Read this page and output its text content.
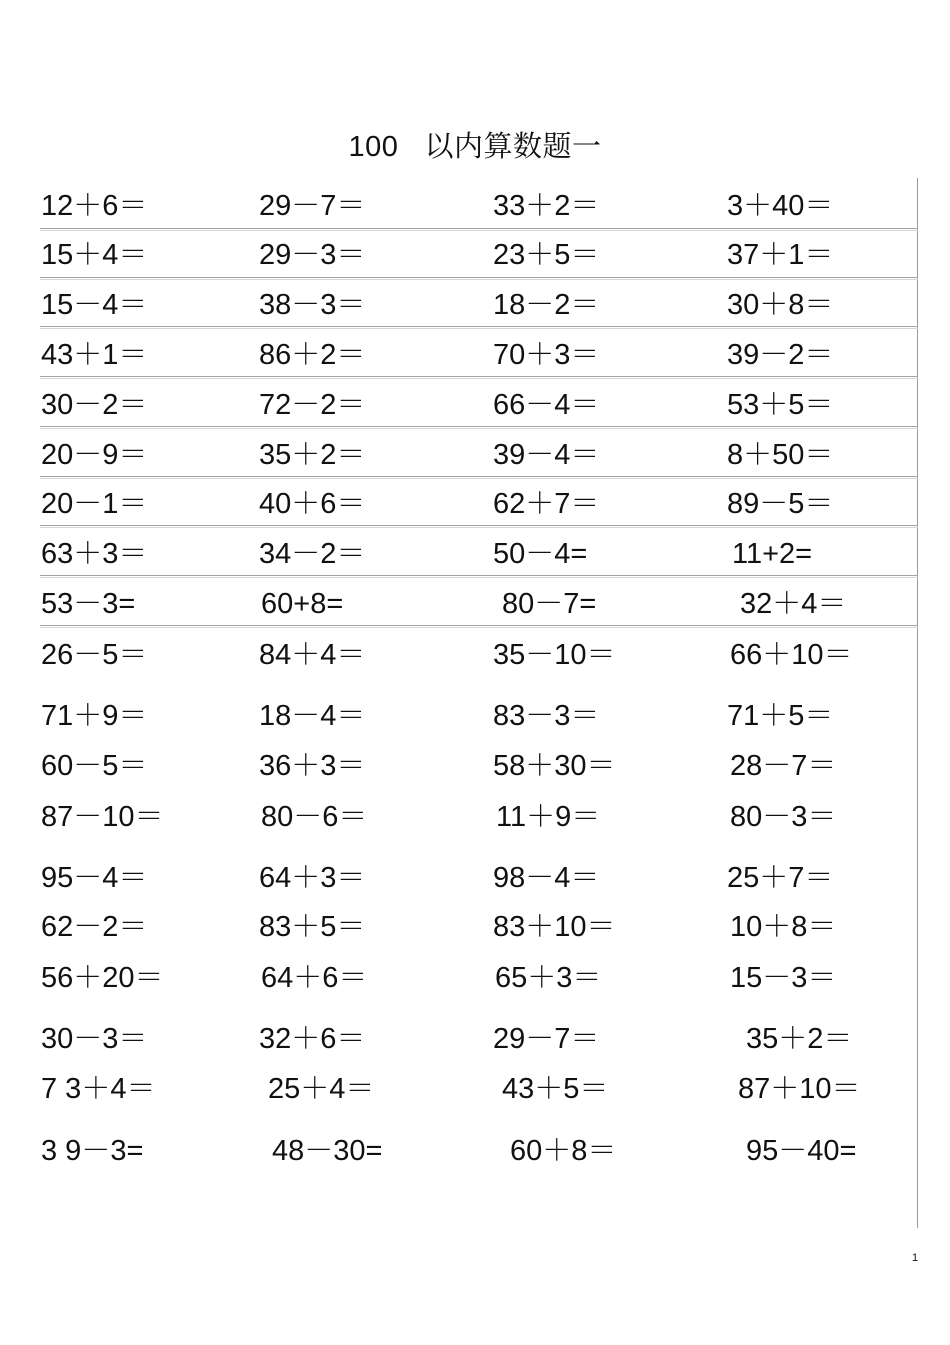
100 以内算数题一
12＋6＝	29－7＝	33＋2＝	3＋40＝
15＋4＝	29－3＝	23＋5＝	37＋1＝
15－4＝	38－3＝	18－2＝	30＋8＝
43＋1＝	86＋2＝	70＋3＝	39－2＝
30－2＝	72－2＝	66－4＝	53＋5＝
20－9＝	35＋2＝	39－4＝	8＋50＝
20－1＝	40＋6＝	62＋7＝	89－5＝
63＋3＝	34－2＝	50－4=	11+2=
53－3=	60+8=	80－7=	32＋4＝
26－5＝	84＋4＝	35－10＝	66＋10＝
71＋9＝	18－4＝	83－3＝	71＋5＝
60－5＝	36＋3＝	58＋30＝	28－7＝
87－10＝	80－6＝	11＋9＝	80－3＝
95－4＝	64＋3＝	98－4＝	25＋7＝
62－2＝	83＋5＝	83＋10＝	10＋8＝
56＋20＝	64＋6＝	65＋3＝	15－3＝
30－3＝	32＋6＝	29－7＝	35＋2＝
7 3＋4＝	25＋4＝	43＋5＝	87＋10＝
3 9－3=	48－30=	60＋8＝	95－40=
1
